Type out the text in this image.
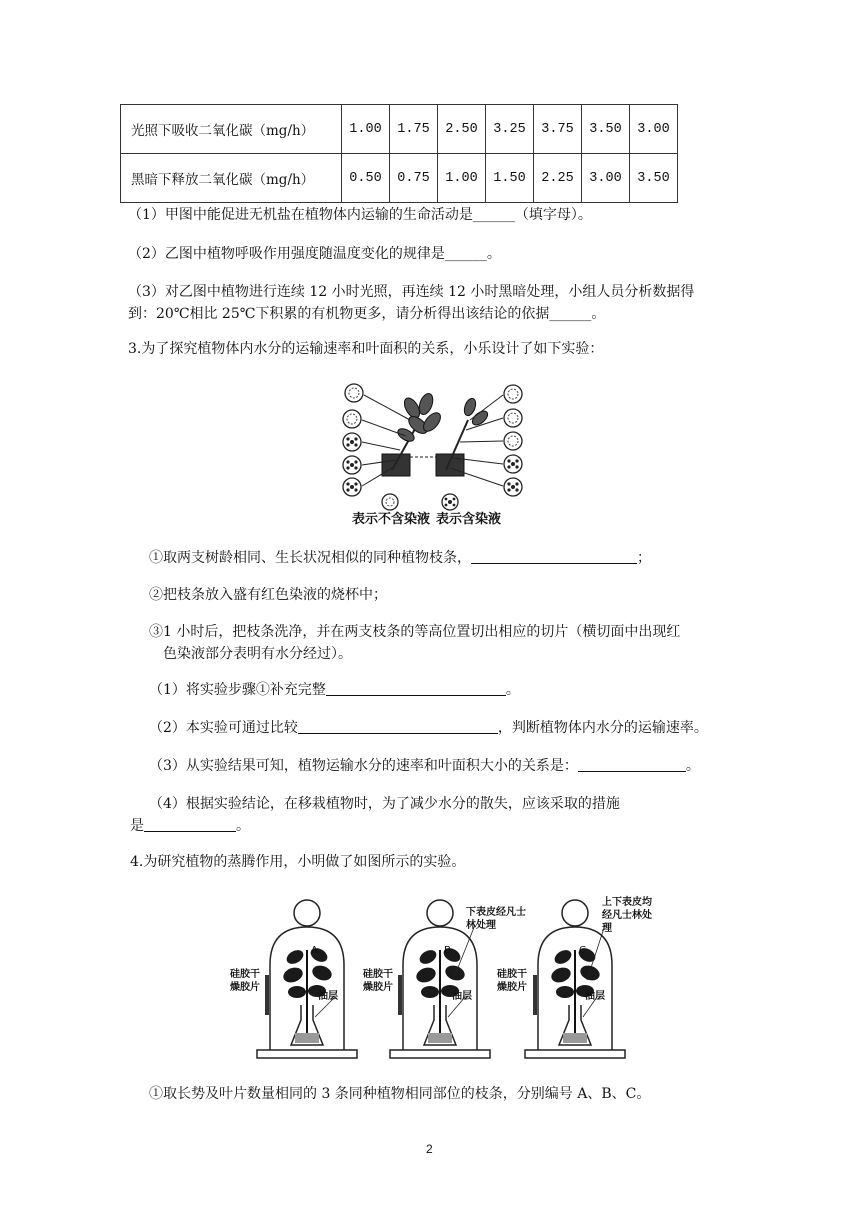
光照下吸收二氧化碳（mg/h）	1.00	1.75	2.50	3.25	3.75	3.50	3.00
黑暗下释放二氧化碳（mg/h）	0.50	0.75	1.00	1.50	2.25	3.00	3.50
（1）甲图中能促进无机盐在植物体内运输的生命活动是______（填字母）。
（2）乙图中植物呼吸作用强度随温度变化的规律是______。
（3）对乙图中植物进行连续 12 小时光照，再连续 12 小时黑暗处理，小组人员分析数据得
到：20℃相比 25℃下积累的有机物更多，请分析得出该结论的依据______。
3.为了探究植物体内水分的运输速率和叶面积的关系，小乐设计了如下实验：
表示不含染液 表示含染液
①取两支树龄相同、生长状况相似的同种植物枝条，	；
②把枝条放入盛有红色染液的烧杯中；
③1 小时后，把枝条洗净，并在两支枝条的等高位置切出相应的切片（横切面中出现红
色染液部分表明有水分经过）。
（1）将实验步骤①补充完整	。
（2）本实验可通过比较	，判断植物体内水分的运输速率。
（3）从实验结果可知，植物运输水分的速率和叶面积大小的关系是：	。
（4）根据实验结论，在移栽植物时，为了减少水分的散失，应该采取的措施
是	。
4.为研究植物的蒸腾作用，小明做了如图所示的实验。
硅胶干燥胶片
硅胶干燥胶片
硅胶干燥胶片
油层	油层	油层
A	B	C
下表皮经凡士林处理
上下表皮均经凡士林处理
①取长势及叶片数量相同的 3 条同种植物相同部位的枝条，分别编号 A、B、C。
2
